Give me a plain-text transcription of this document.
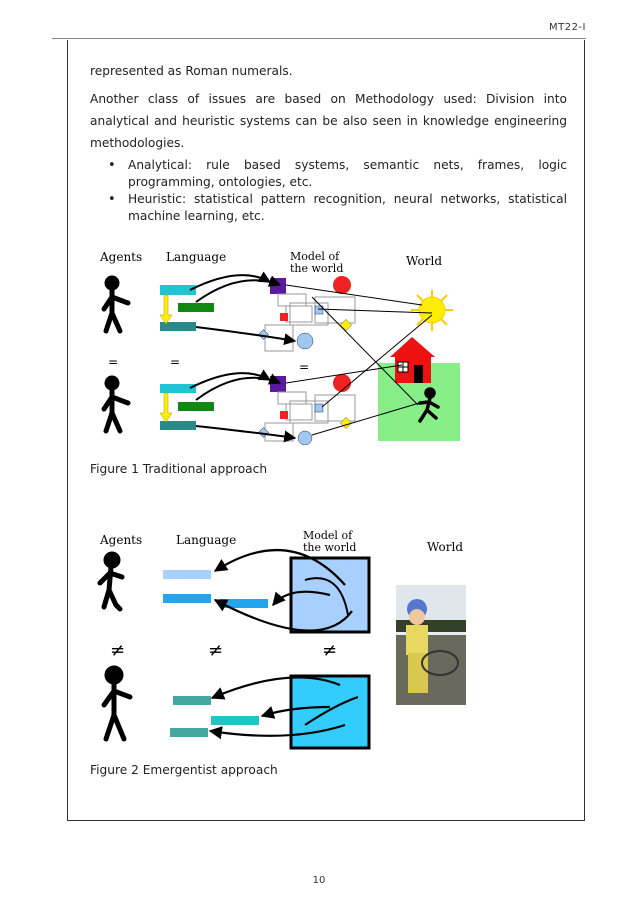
MT22-I
represented as Roman numerals.
Another class of issues are based on Methodology used: Division into
analytical and heuristic systems can be also seen in knowledge engineering
methodologies.
• Analytical: rule based systems, semantic nets, frames, logic
programming, ontologies, etc.
• Heuristic: statistical pattern recognition, neural networks, statistical
machine learning, etc.
Agents Language	Model of
the world
World
=	=	=
Figure 1 Traditional approach
Agents	Language	Model of
the world	World
≠	≠	≠
Figure 2 Emergentist approach
10
